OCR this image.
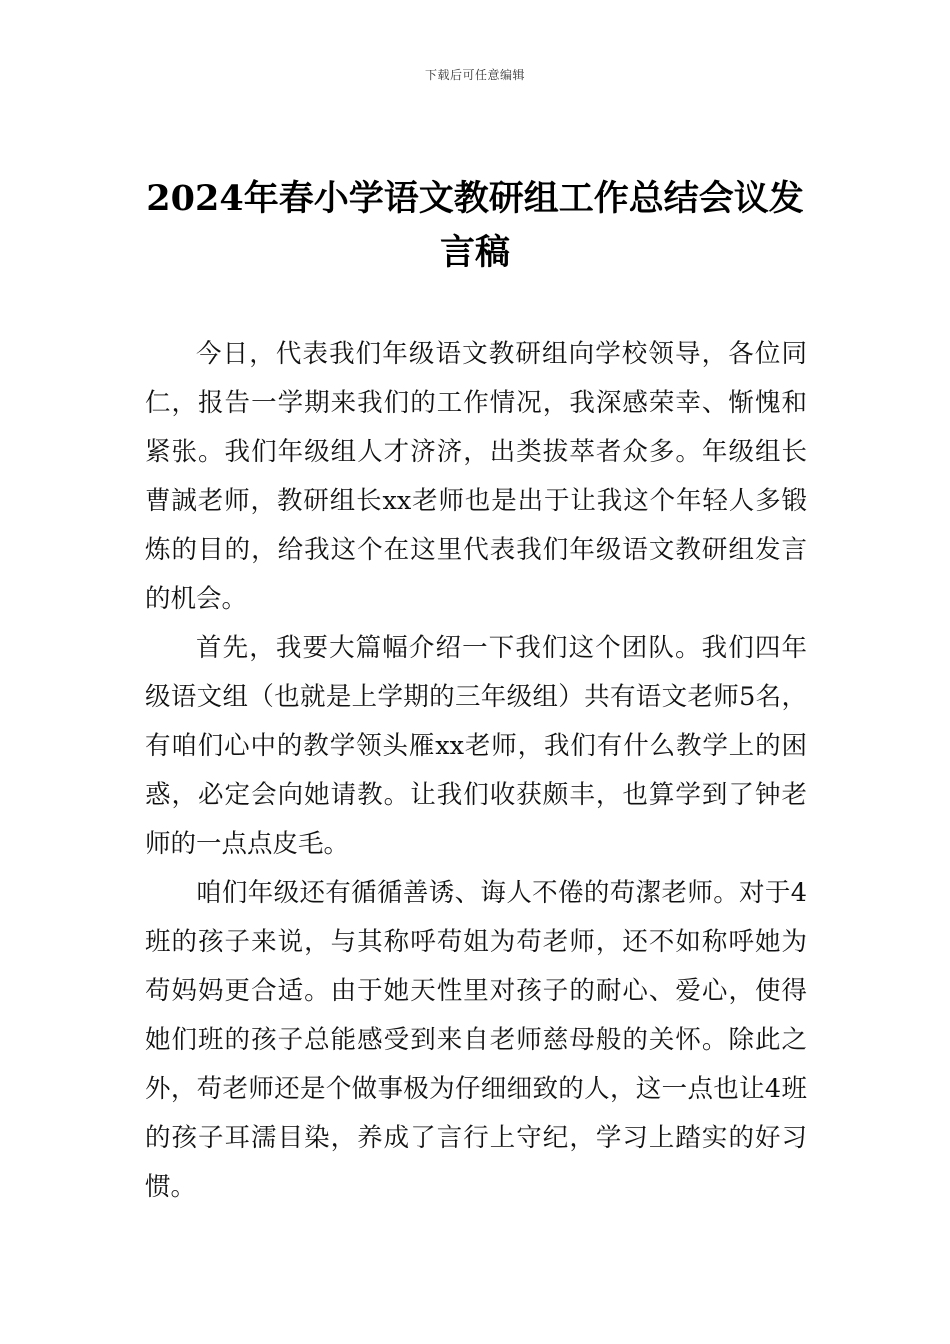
下载后可任意编辑
2024年春小学语文教研组工作总结会议发言稿

今日，代表我们年级语文教研组向学校领导，各位同仁，报告一学期来我们的工作情况，我深感荣幸、惭愧和紧张。我们年级组人才济济，出类拔萃者众多。年级组长曹誠老师，教研组长xx老师也是出于让我这个年轻人多锻炼的目的，给我这个在这里代表我们年级语文教研组发言的机会。

首先，我要大篇幅介绍一下我们这个团队。我们四年级语文组（也就是上学期的三年级组）共有语文老师5名，有咱们心中的教学领头雁xx老师，我们有什么教学上的困惑，必定会向她请教。让我们收获颇丰，也算学到了钟老师的一点点皮毛。

咱们年级还有循循善诱、诲人不倦的苟潔老师。对于4班的孩子来说，与其称呼苟姐为苟老师，还不如称呼她为苟妈妈更合适。由于她天性里对孩子的耐心、爱心，使得她们班的孩子总能感受到来自老师慈母般的关怀。除此之外，苟老师还是个做事极为仔细细致的人，这一点也让4班的孩子耳濡目染，养成了言行上守纪，学习上踏实的好习惯。
